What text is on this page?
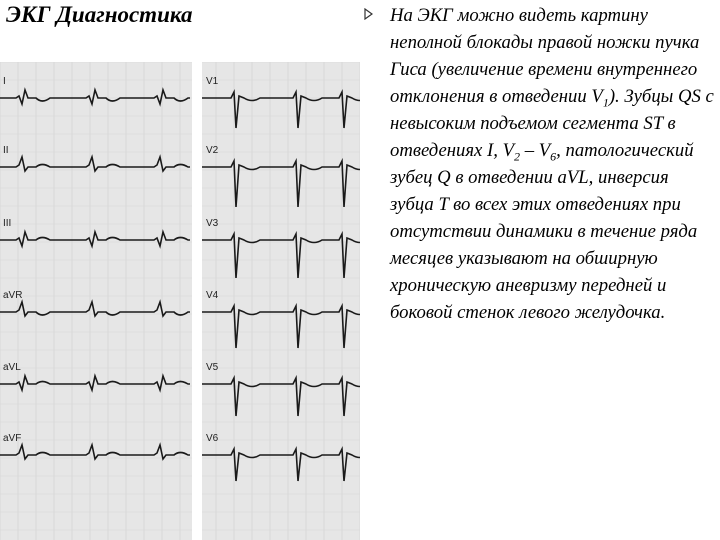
ЭКГ Диагностика
I
II
III
aVR
aVL
aVF
V1
V2
V3
V4
V5
V6

На ЭКГ можно видеть картину неполной блокады правой ножки пучка Гиса (увеличение времени внутреннего отклонения в отведении $V_1$). Зубцы QS с невысоким подъемом сегмента ST в отведениях I, $V_2 - V_6$, патологический зубец Q в отведении aVL, инверсия зубца T во всех этих отведениях при отсутствии динамики в течение ряда месяцев указывают на обширную хроническую аневризму передней и боковой стенок левого желудочка.
